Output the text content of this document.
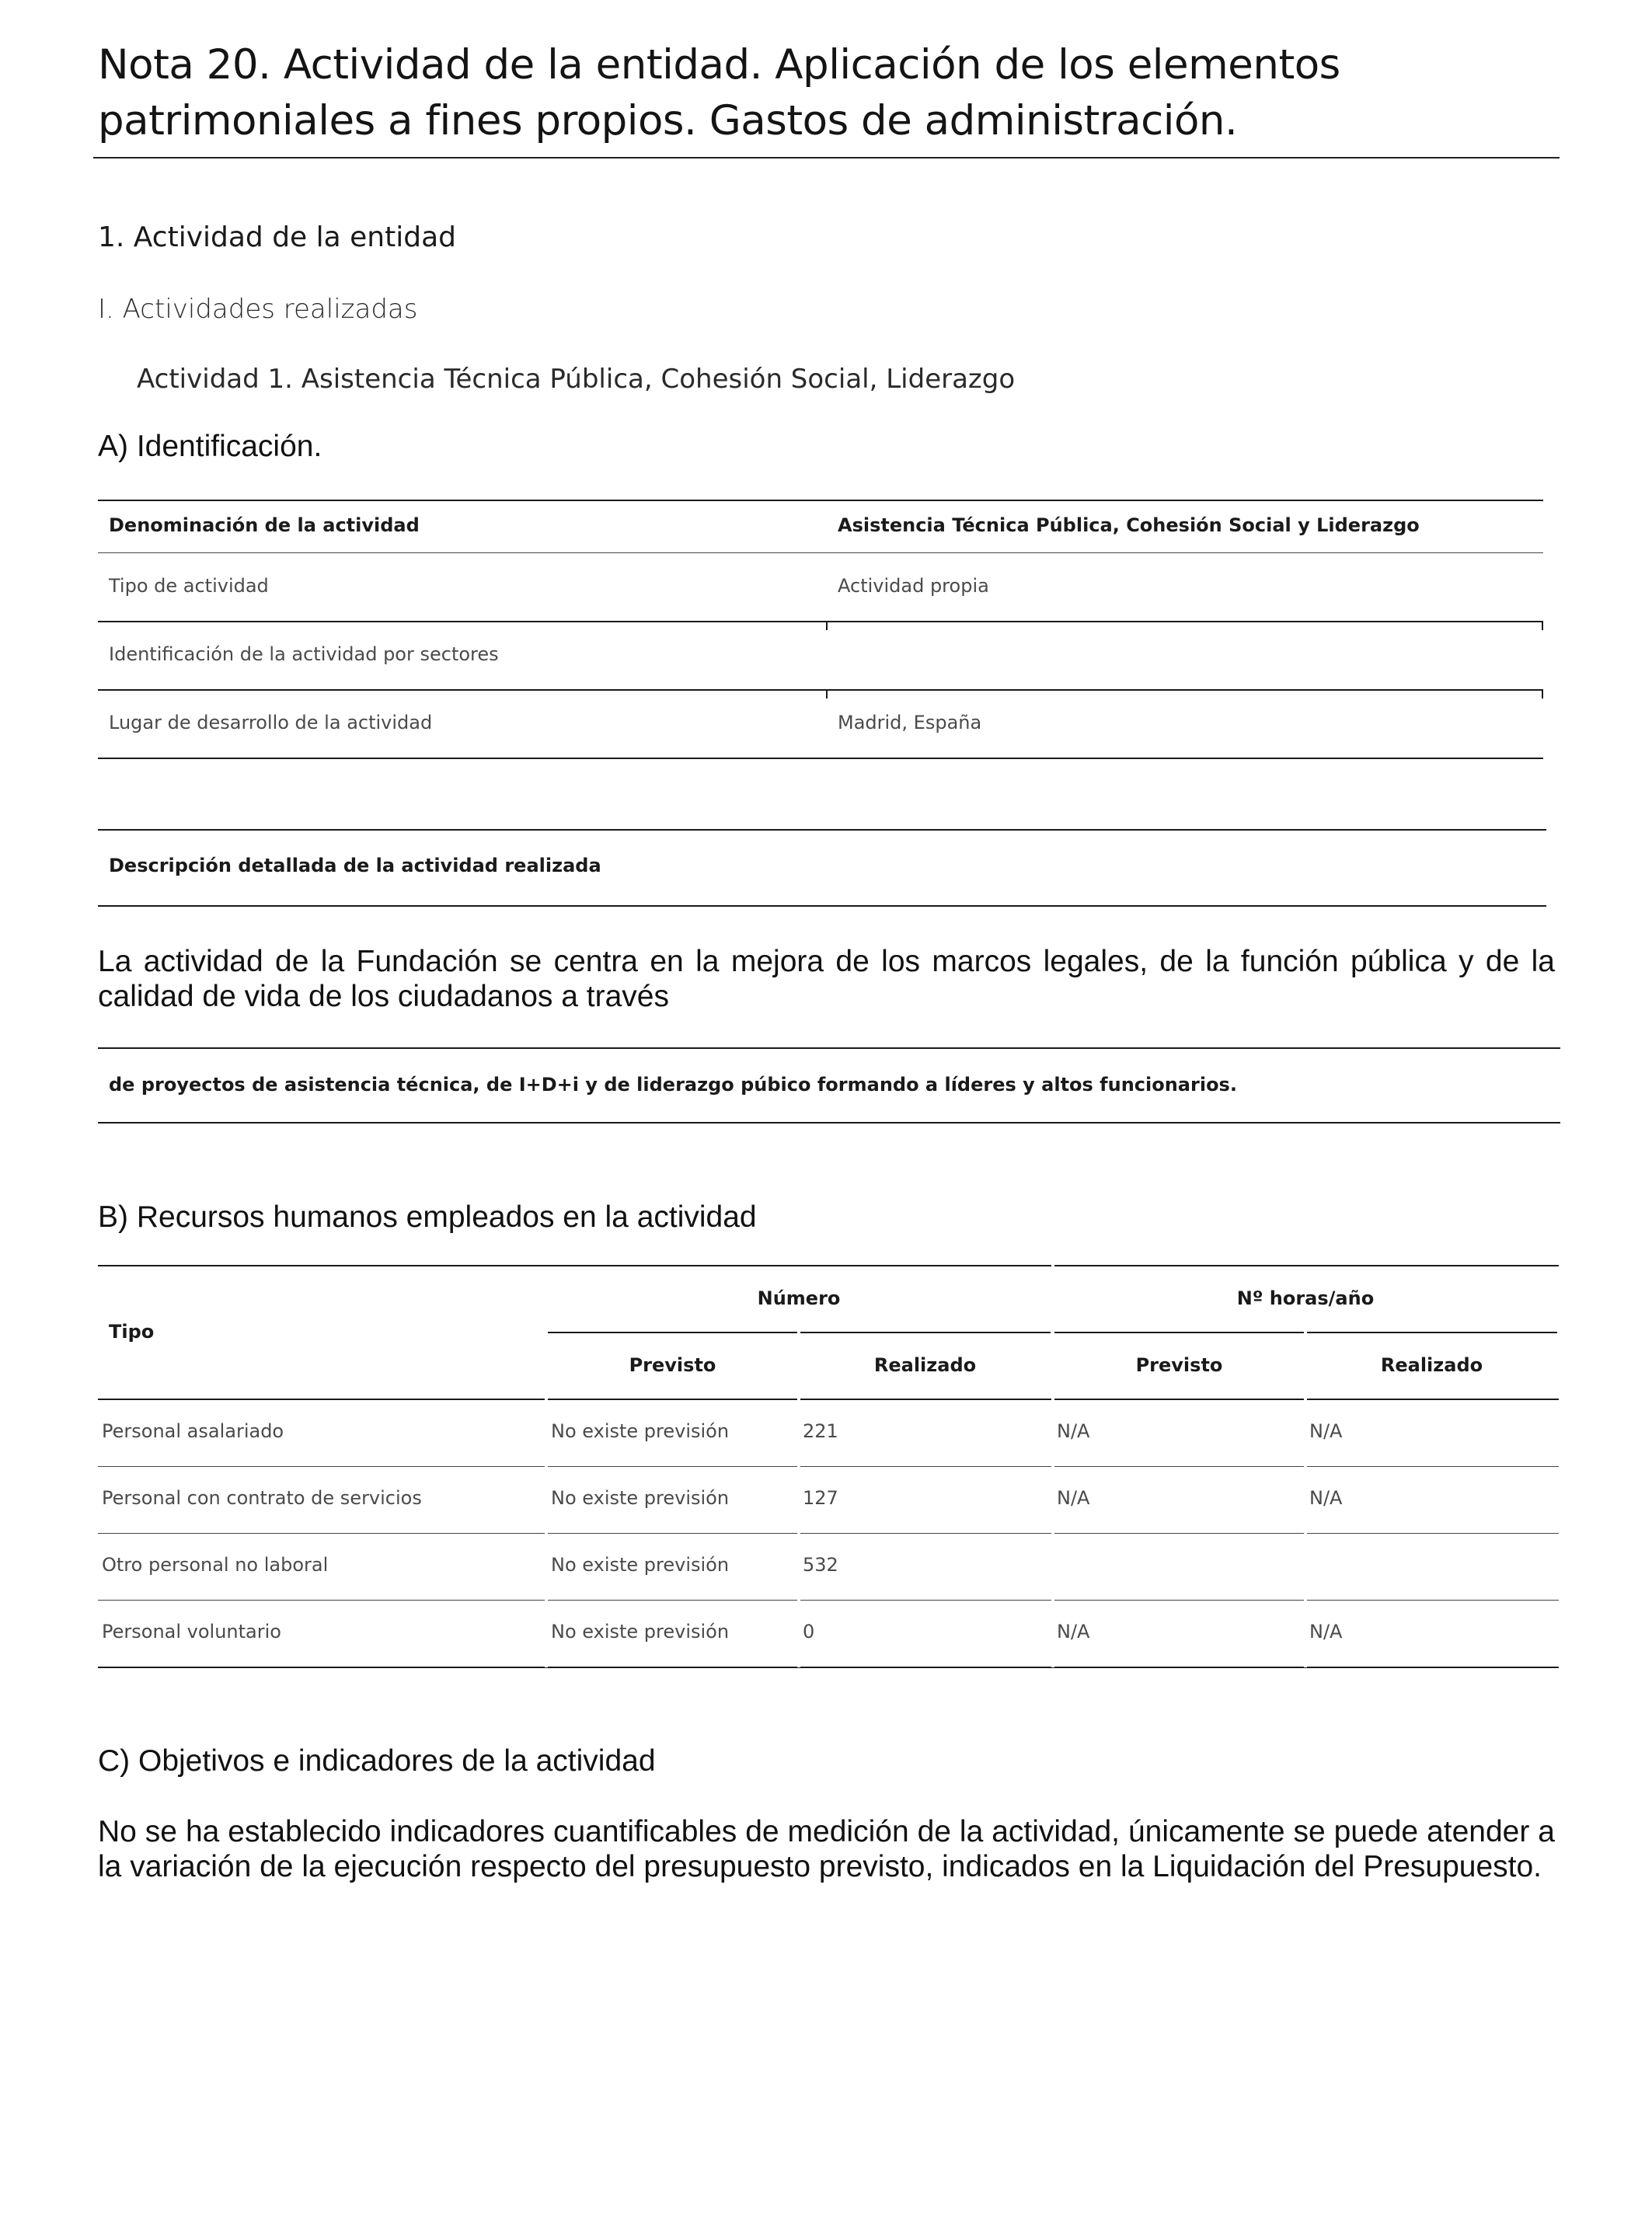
Nota 20. Actividad de la entidad. Aplicación de los elementos patrimoniales a fines propios. Gastos de administración.
1. Actividad de la entidad
I. Actividades realizadas
Actividad 1. Asistencia Técnica Pública, Cohesión Social, Liderazgo
A) Identificación.
Denominación de la actividad	Asistencia Técnica Pública, Cohesión Social y Liderazgo
Tipo de actividad	Actividad propia
Identificación de la actividad por sectores
Lugar de desarrollo de la actividad	Madrid, España
Descripción detallada de la actividad realizada
La actividad de la Fundación se centra en la mejora de los marcos legales, de la función pública y de la calidad de vida de los ciudadanos a través
de proyectos de asistencia técnica, de I+D+i y de liderazgo púbico formando a líderes y altos funcionarios.
B) Recursos humanos empleados en la actividad
Tipo
Número	Nº horas/año
Previsto	Realizado	Previsto	Realizado
Personal asalariado	No existe previsión	221	N/A	N/A
Personal con contrato de servicios	No existe previsión	127	N/A	N/A
Otro personal no laboral	No existe previsión	532
Personal voluntario	No existe previsión	0	N/A	N/A
C) Objetivos e indicadores de la actividad
No se ha establecido indicadores cuantificables de medición de la actividad, únicamente se puede atender a la variación de la ejecución respecto del presupuesto previsto, indicados en la Liquidación del Presupuesto.
